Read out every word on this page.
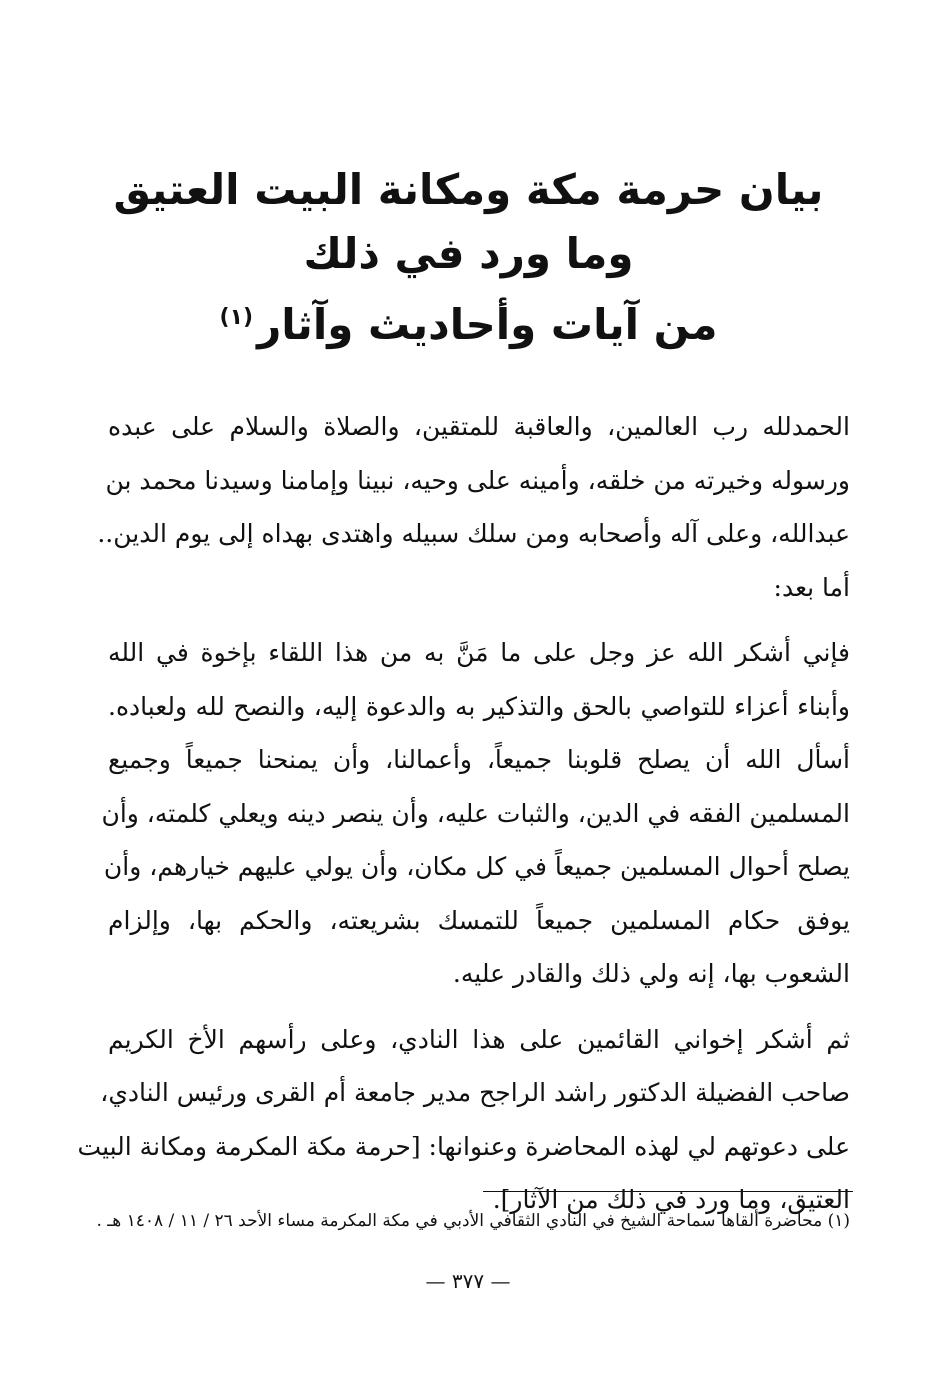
بيان حرمة مكة ومكانة البيت العتيق
وما ورد في ذلك
من آيات وأحاديث وآثار$^{(١)}$

الحمدلله رب العالمين، والعاقبة للمتقين، والصلاة والسلام على عبده
ورسوله وخيرته من خلقه، وأمينه على وحيه، نبينا وإمامنا وسيدنا محمد بن
عبدالله، وعلى آله وأصحابه ومن سلك سبيله واهتدى بهداه إلى يوم الدين..
أما بعد:

فإني أشكر الله عز وجل على ما مَنَّ به من هذا اللقاء بإخوة في الله
وأبناء أعزاء للتواصي بالحق والتذكير به والدعوة إليه، والنصح لله ولعباده.
أسأل الله أن يصلح قلوبنا جميعاً، وأعمالنا، وأن يمنحنا جميعاً وجميع
المسلمين الفقه في الدين، والثبات عليه، وأن ينصر دينه ويعلي كلمته، وأن
يصلح أحوال المسلمين جميعاً في كل مكان، وأن يولي عليهم خيارهم، وأن
يوفق حكام المسلمين جميعاً للتمسك بشريعته، والحكم بها، وإلزام
الشعوب بها، إنه ولي ذلك والقادر عليه.

ثم أشكر إخواني القائمين على هذا النادي، وعلى رأسهم الأخ الكريم
صاحب الفضيلة الدكتور راشد الراجح مدير جامعة أم القرى ورئيس النادي،
على دعوتهم لي لهذه المحاضرة وعنوانها: [حرمة مكة المكرمة ومكانة البيت
العتيق، وما ورد في ذلك من الآثار].

(١) محاضرة ألقاها سماحة الشيخ في النادي الثقافي الأدبي في مكة المكرمة مساء الأحد ٢٦ / ١١ / ١٤٠٨ هـ .
— ٣٧٧ —
